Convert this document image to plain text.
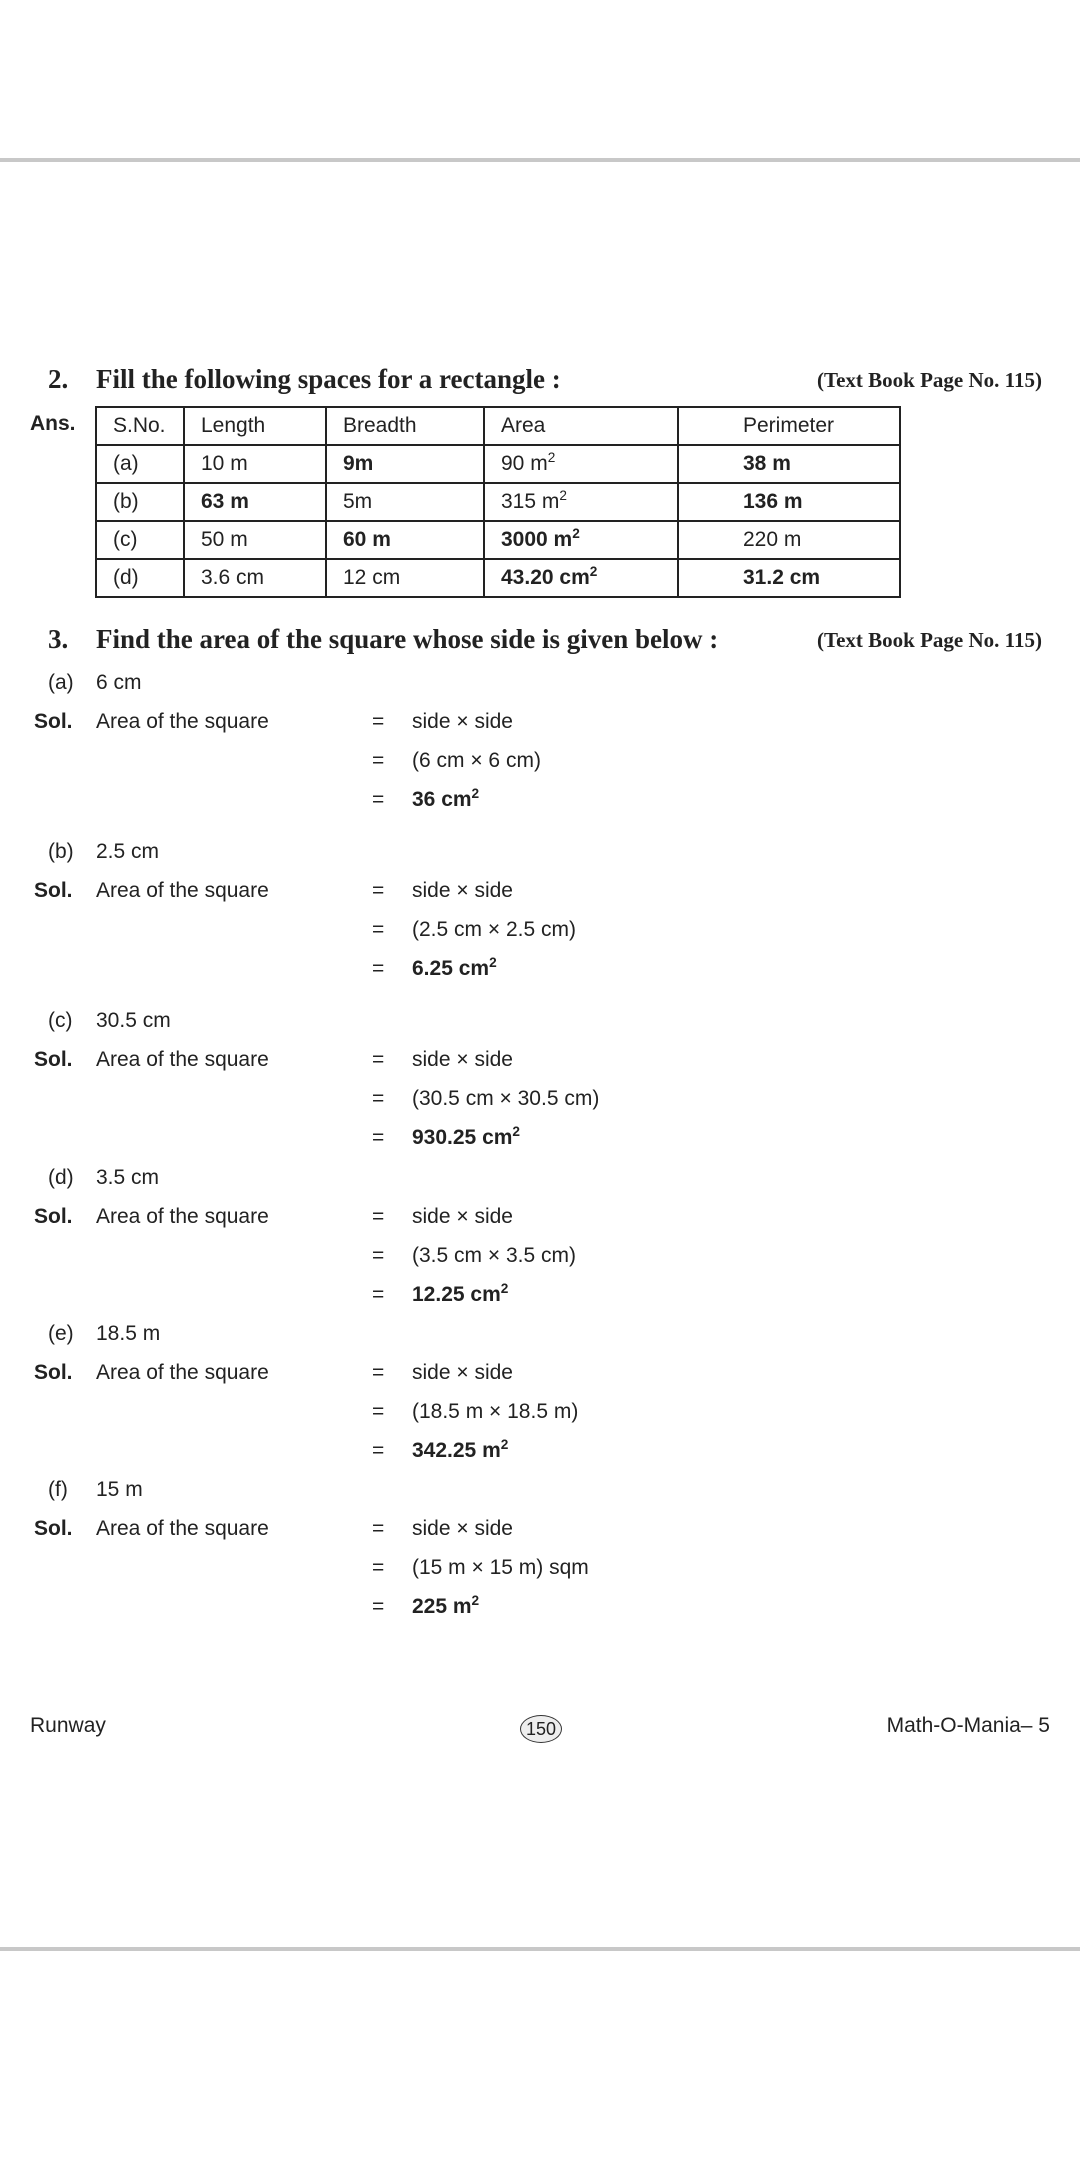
2. Fill the following spaces for a rectangle :	(Text Book Page No. 115)
Ans. S.No.	Length	Breadth	Area	Perimeter
(a)	10 m	9m	90 $m^2$	38 m
(b)	63 m	5m	315 $m^2$	136 m
(c)	50 m	60 m	3000 $m^2$	220 m
(d)	3.6 cm	12 cm	43.20 $cm^2$	31.2 cm
3. Find the area of the square whose side is given below :	(Text Book Page No. 115)
(a) 6 cm
Sol. Area of the square	= side × side
= (6 cm × 6 cm)
= 36 $cm^2$
(b) 2.5 cm
Sol. Area of the square	= side × side
= (2.5 cm × 2.5 cm)
= 6.25 $cm^2$
(c) 30.5 cm
Sol. Area of the square	= side × side
= (30.5 cm × 30.5 cm)
= 930.25 $cm^2$
(d) 3.5 cm
Sol. Area of the square	= side × side
= (3.5 cm × 3.5 cm)
= 12.25 $cm^2$
(e) 18.5 m
Sol. Area of the square	= side × side
= (18.5 m × 18.5 m)
= 342.25 $m^2$
(f) 15 m
Sol. Area of the square	= side × side
= (15 m × 15 m) sqm
= 225 $m^2$
Runway	150	Math-O-Mania– 5
